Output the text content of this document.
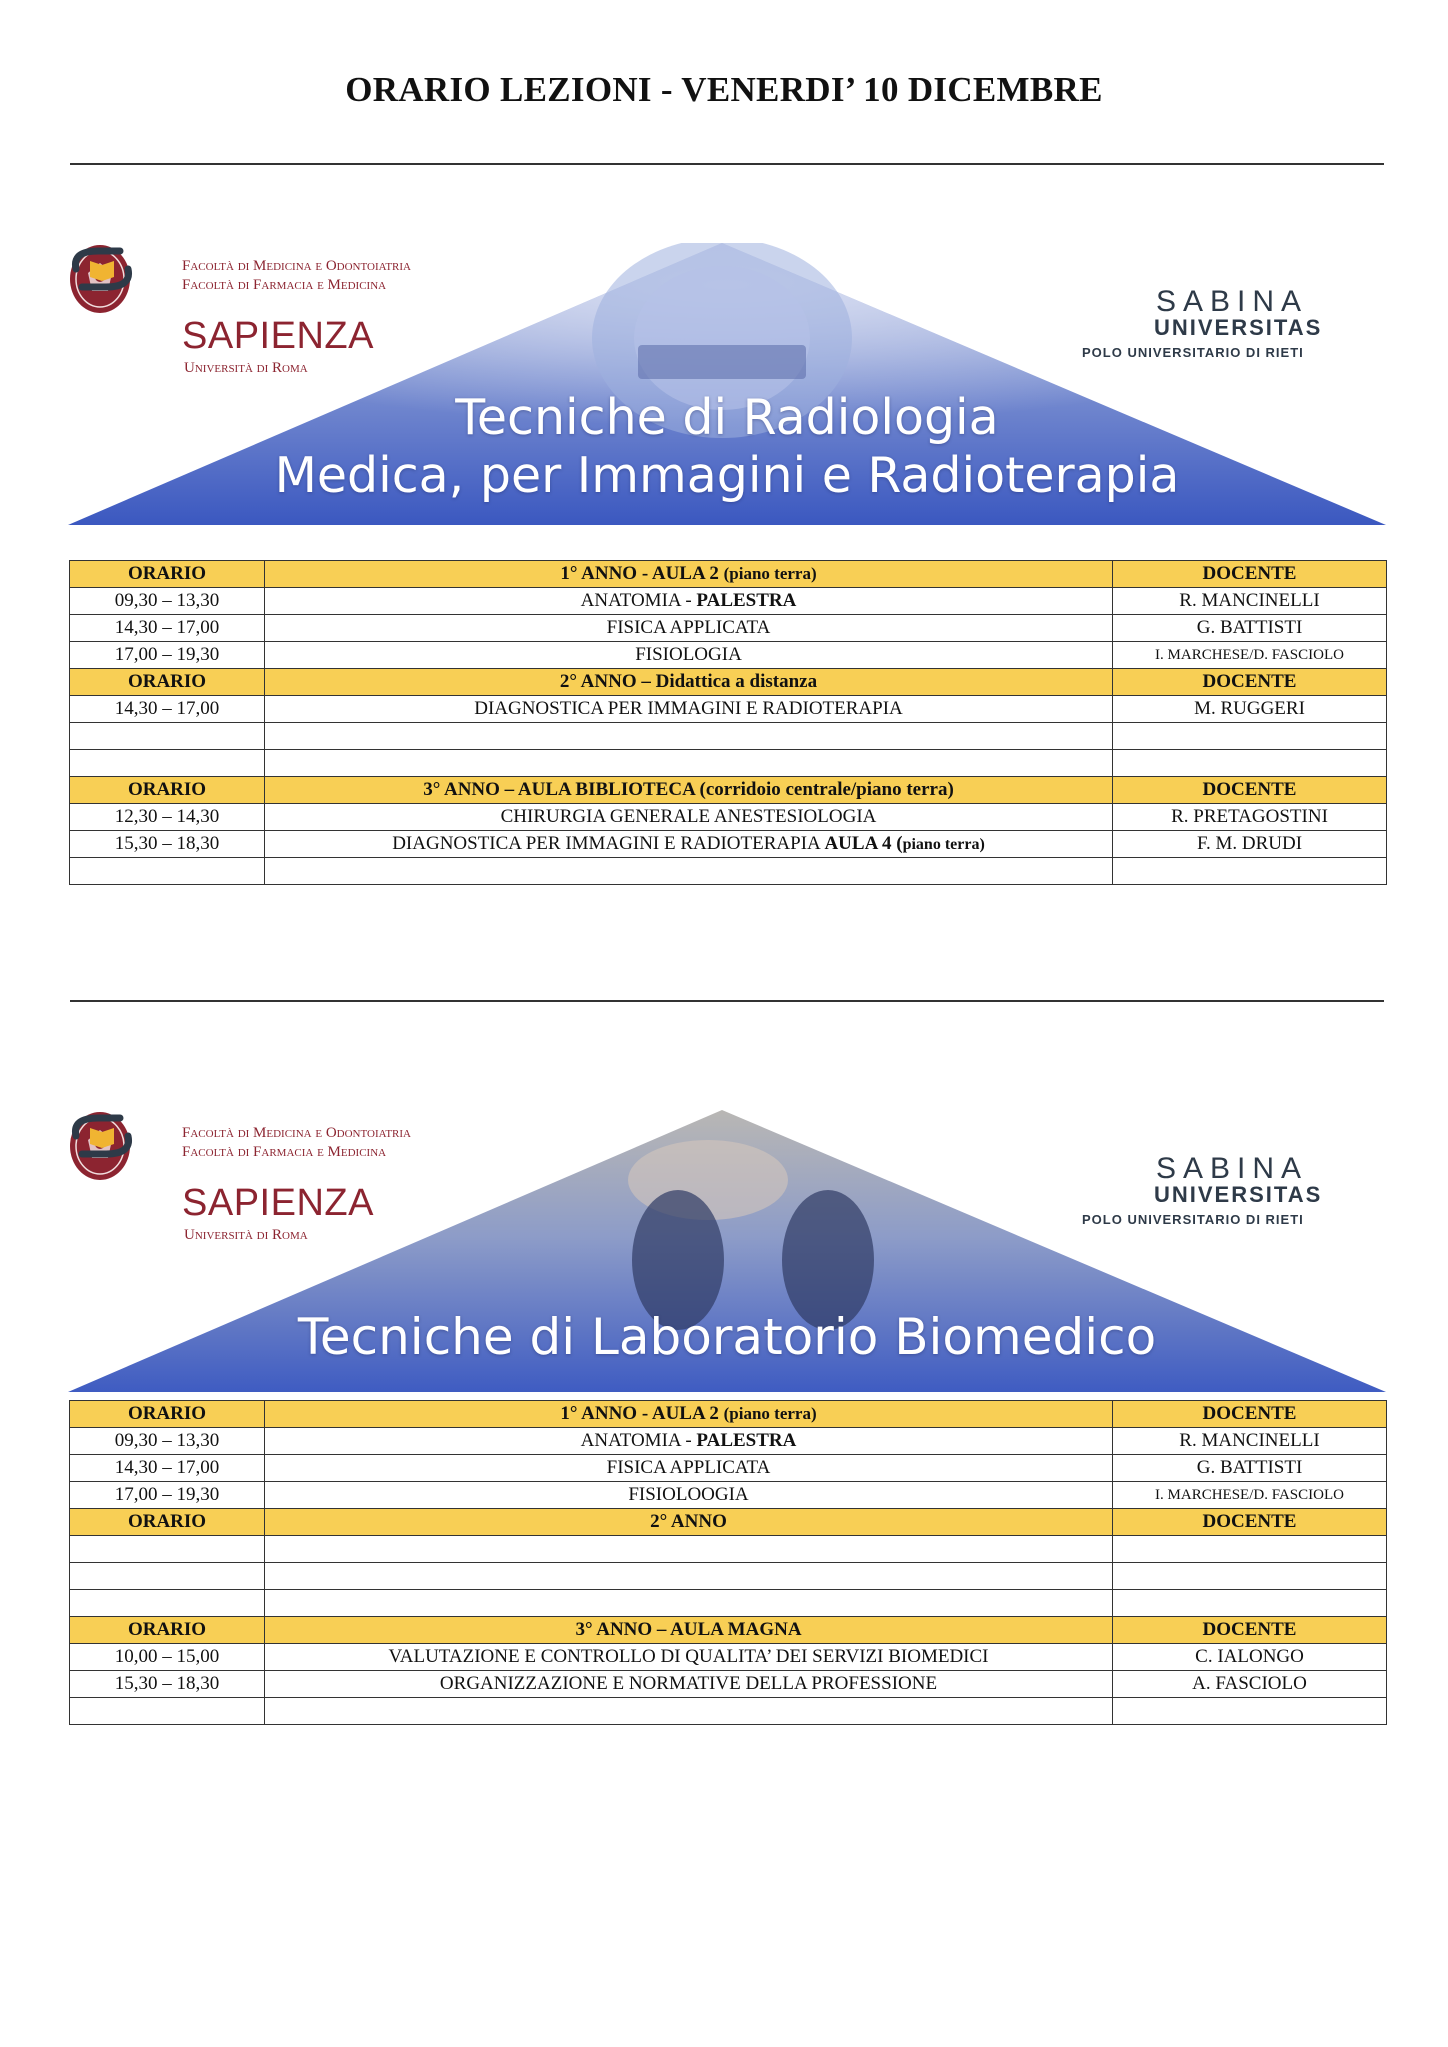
ORARIO LEZIONI - VENERDI’ 10 DICEMBRE
Facoltà di Medicina e Odontoiatria
Facoltà di Farmacia e Medicina
SAPIENZA
Università di Roma
SABINA
UNIVERSITAS
POLO UNIVERSITARIO DI RIETI
Tecniche di Radiologia
Medica, per Immagini e Radioterapia
ORARIO	1° ANNO - AULA 2 (piano terra)	DOCENTE
09,30 – 13,30	ANATOMIA - PALESTRA	R. MANCINELLI
14,30 – 17,00	FISICA APPLICATA	G. BATTISTI
17,00 – 19,30	FISIOLOGIA	I. MARCHESE/D. FASCIOLO
ORARIO	2° ANNO – Didattica a distanza	DOCENTE
14,30 – 17,00	DIAGNOSTICA PER IMMAGINI E RADIOTERAPIA	M. RUGGERI

ORARIO	3° ANNO – AULA BIBLIOTECA (corridoio centrale/piano terra)	DOCENTE
12,30 – 14,30	CHIRURGIA GENERALE ANESTESIOLOGIA	R. PRETAGOSTINI
15,30 – 18,30	DIAGNOSTICA PER IMMAGINI E RADIOTERAPIA AULA 4 (piano terra)	F. M. DRUDI

Facoltà di Medicina e Odontoiatria
Facoltà di Farmacia e Medicina
SAPIENZA
Università di Roma
SABINA
UNIVERSITAS
POLO UNIVERSITARIO DI RIETI
Tecniche di Laboratorio Biomedico
ORARIO	1° ANNO - AULA 2 (piano terra)	DOCENTE
09,30 – 13,30	ANATOMIA - PALESTRA	R. MANCINELLI
14,30 – 17,00	FISICA APPLICATA	G. BATTISTI
17,00 – 19,30	FISIOLOOGIA	I. MARCHESE/D. FASCIOLO
ORARIO	2° ANNO	DOCENTE

ORARIO	3° ANNO – AULA MAGNA	DOCENTE
10,00 – 15,00	VALUTAZIONE E CONTROLLO DI QUALITA’ DEI SERVIZI BIOMEDICI	C. IALONGO
15,30 – 18,30	ORGANIZZAZIONE E NORMATIVE DELLA PROFESSIONE	A. FASCIOLO
